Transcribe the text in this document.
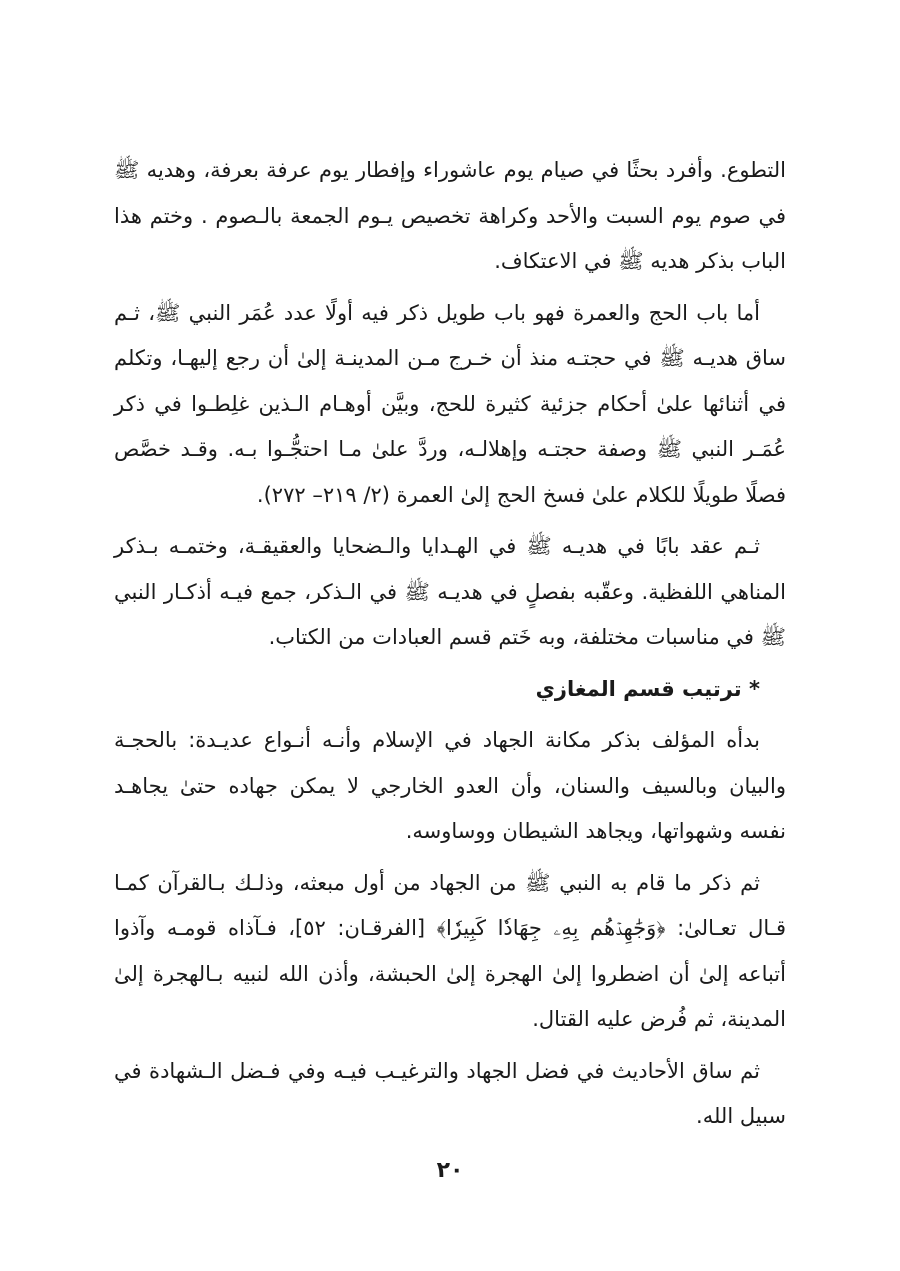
التطوع. وأفرد بحثًا في صيام يوم عاشوراء وإفطار يوم عرفة بعرفة، وهديه ﷺ في صوم يوم السبت والأحد وكراهة تخصيص يـوم الجمعة بالـصوم . وختم هذا الباب بذكر هديه ﷺ في الاعتكاف.

أما باب الحج والعمرة فهو باب طويل ذكر فيه أولًا عدد عُمَر النبي ﷺ، ثـم ساق هديـه ﷺ في حجتـه منذ أن خـرج مـن المدينـة إلىٰ أن رجع إليهـا، وتكلم في أثنائها علىٰ أحكام جزئية كثيرة للحج، وبيَّن أوهـام الـذين غلِطـوا في ذكر عُمَـر النبي ﷺ وصفة حجتـه وإهلالـه، وردَّ علىٰ مـا احتجُّـوا بـه. وقـد خصَّص فصلًا طويلًا للكلام علىٰ فسخ الحج إلىٰ العمرة (٢/ ٢١٩– ٢٧٢).

ثـم عقد بابًا في هديـه ﷺ في الهـدايا والـضحايا والعقيقـة، وختمـه بـذكر المناهي اللفظية. وعقّبه بفصلٍ في هديـه ﷺ في الـذكر، جمع فيـه أذكـار النبي ﷺ في مناسبات مختلفة، وبه خَتم قسم العبادات من الكتاب.

* ترتيب قسم المغازي

بدأه المؤلف بذكر مكانة الجهاد في الإسلام وأنـه أنـواع عديـدة: بالحجـة والبيان وبالسيف والسنان، وأن العدو الخارجي لا يمكن جهاده حتىٰ يجاهـد نفسه وشهواتها، ويجاهد الشيطان ووساوسه.

ثم ذكر ما قام به النبي ﷺ من الجهاد من أول مبعثه، وذلـك بـالقرآن كمـا قـال تعـالىٰ: ﴿وَجَٰهِدۡهُم بِهِۦ جِهَادٗا كَبِيرٗا﴾ [الفرقـان: ٥٢]، فـآذاه قومـه وآذوا أتباعه إلىٰ أن اضطروا إلىٰ الهجرة إلىٰ الحبشة، وأذن الله لنبيه بـالهجرة إلىٰ المدينة، ثم فُرض عليه القتال.

ثم ساق الأحاديث في فضل الجهاد والترغيـب فيـه وفي فـضل الـشهادة في سبيل الله.

٢٠
